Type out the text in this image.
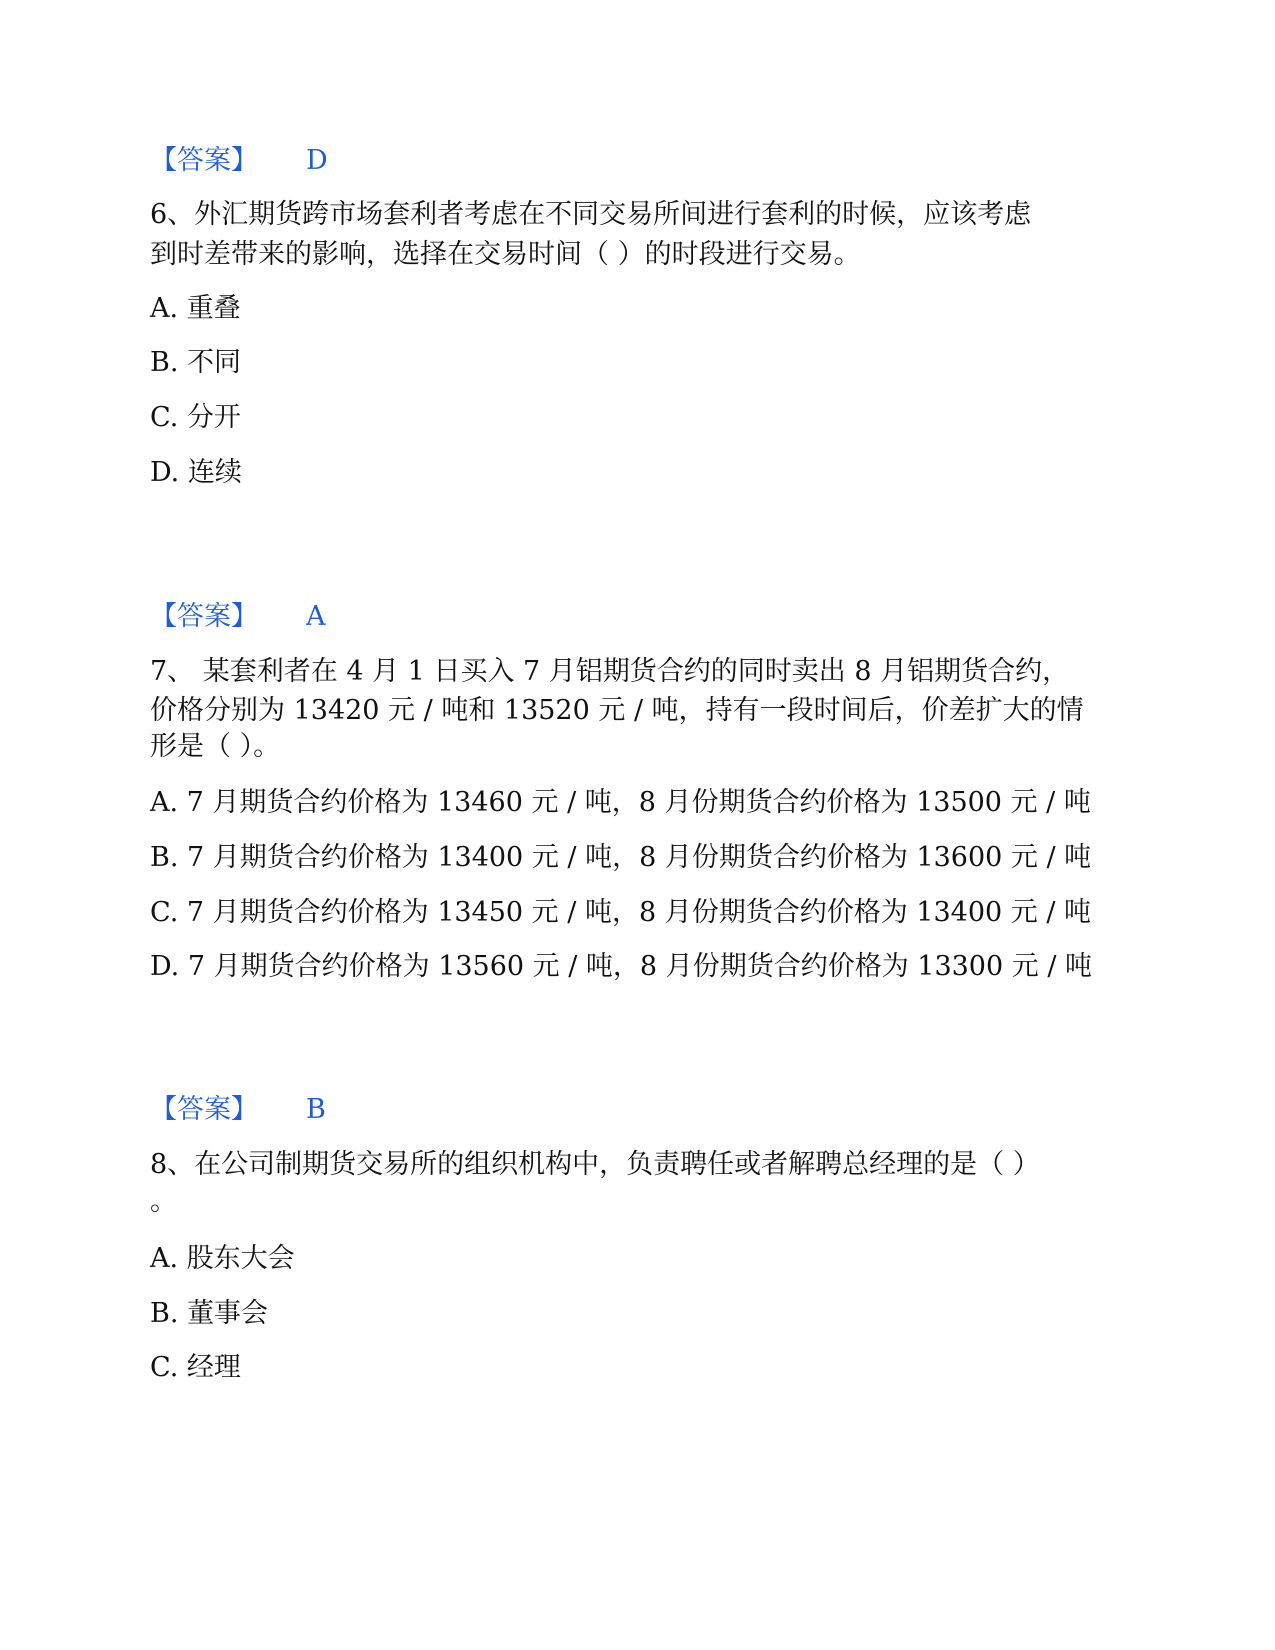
【答案】 D
6、外汇期货跨市场套利者考虑在不同交易所间进行套利的时候，应该考虑
到时差带来的影响，选择在交易时间（ ）的时段进行交易。
A. 重叠
B. 不同
C. 分开
D. 连续
【答案】 A
7、 某套利者在 4 月 1 日买入 7 月铝期货合约的同时卖出 8 月铝期货合约，
价格分别为 13420 元 / 吨和 13520 元 / 吨，持有一段时间后，价差扩大的情
形是（ ）。
A. 7 月期货合约价格为 13460 元 / 吨，8 月份期货合约价格为 13500 元 / 吨
B. 7 月期货合约价格为 13400 元 / 吨，8 月份期货合约价格为 13600 元 / 吨
C. 7 月期货合约价格为 13450 元 / 吨，8 月份期货合约价格为 13400 元 / 吨
D. 7 月期货合约价格为 13560 元 / 吨，8 月份期货合约价格为 13300 元 / 吨
【答案】 B
8、在公司制期货交易所的组织机构中，负责聘任或者解聘总经理的是（ ）
。
A. 股东大会
B. 董事会
C. 经理
